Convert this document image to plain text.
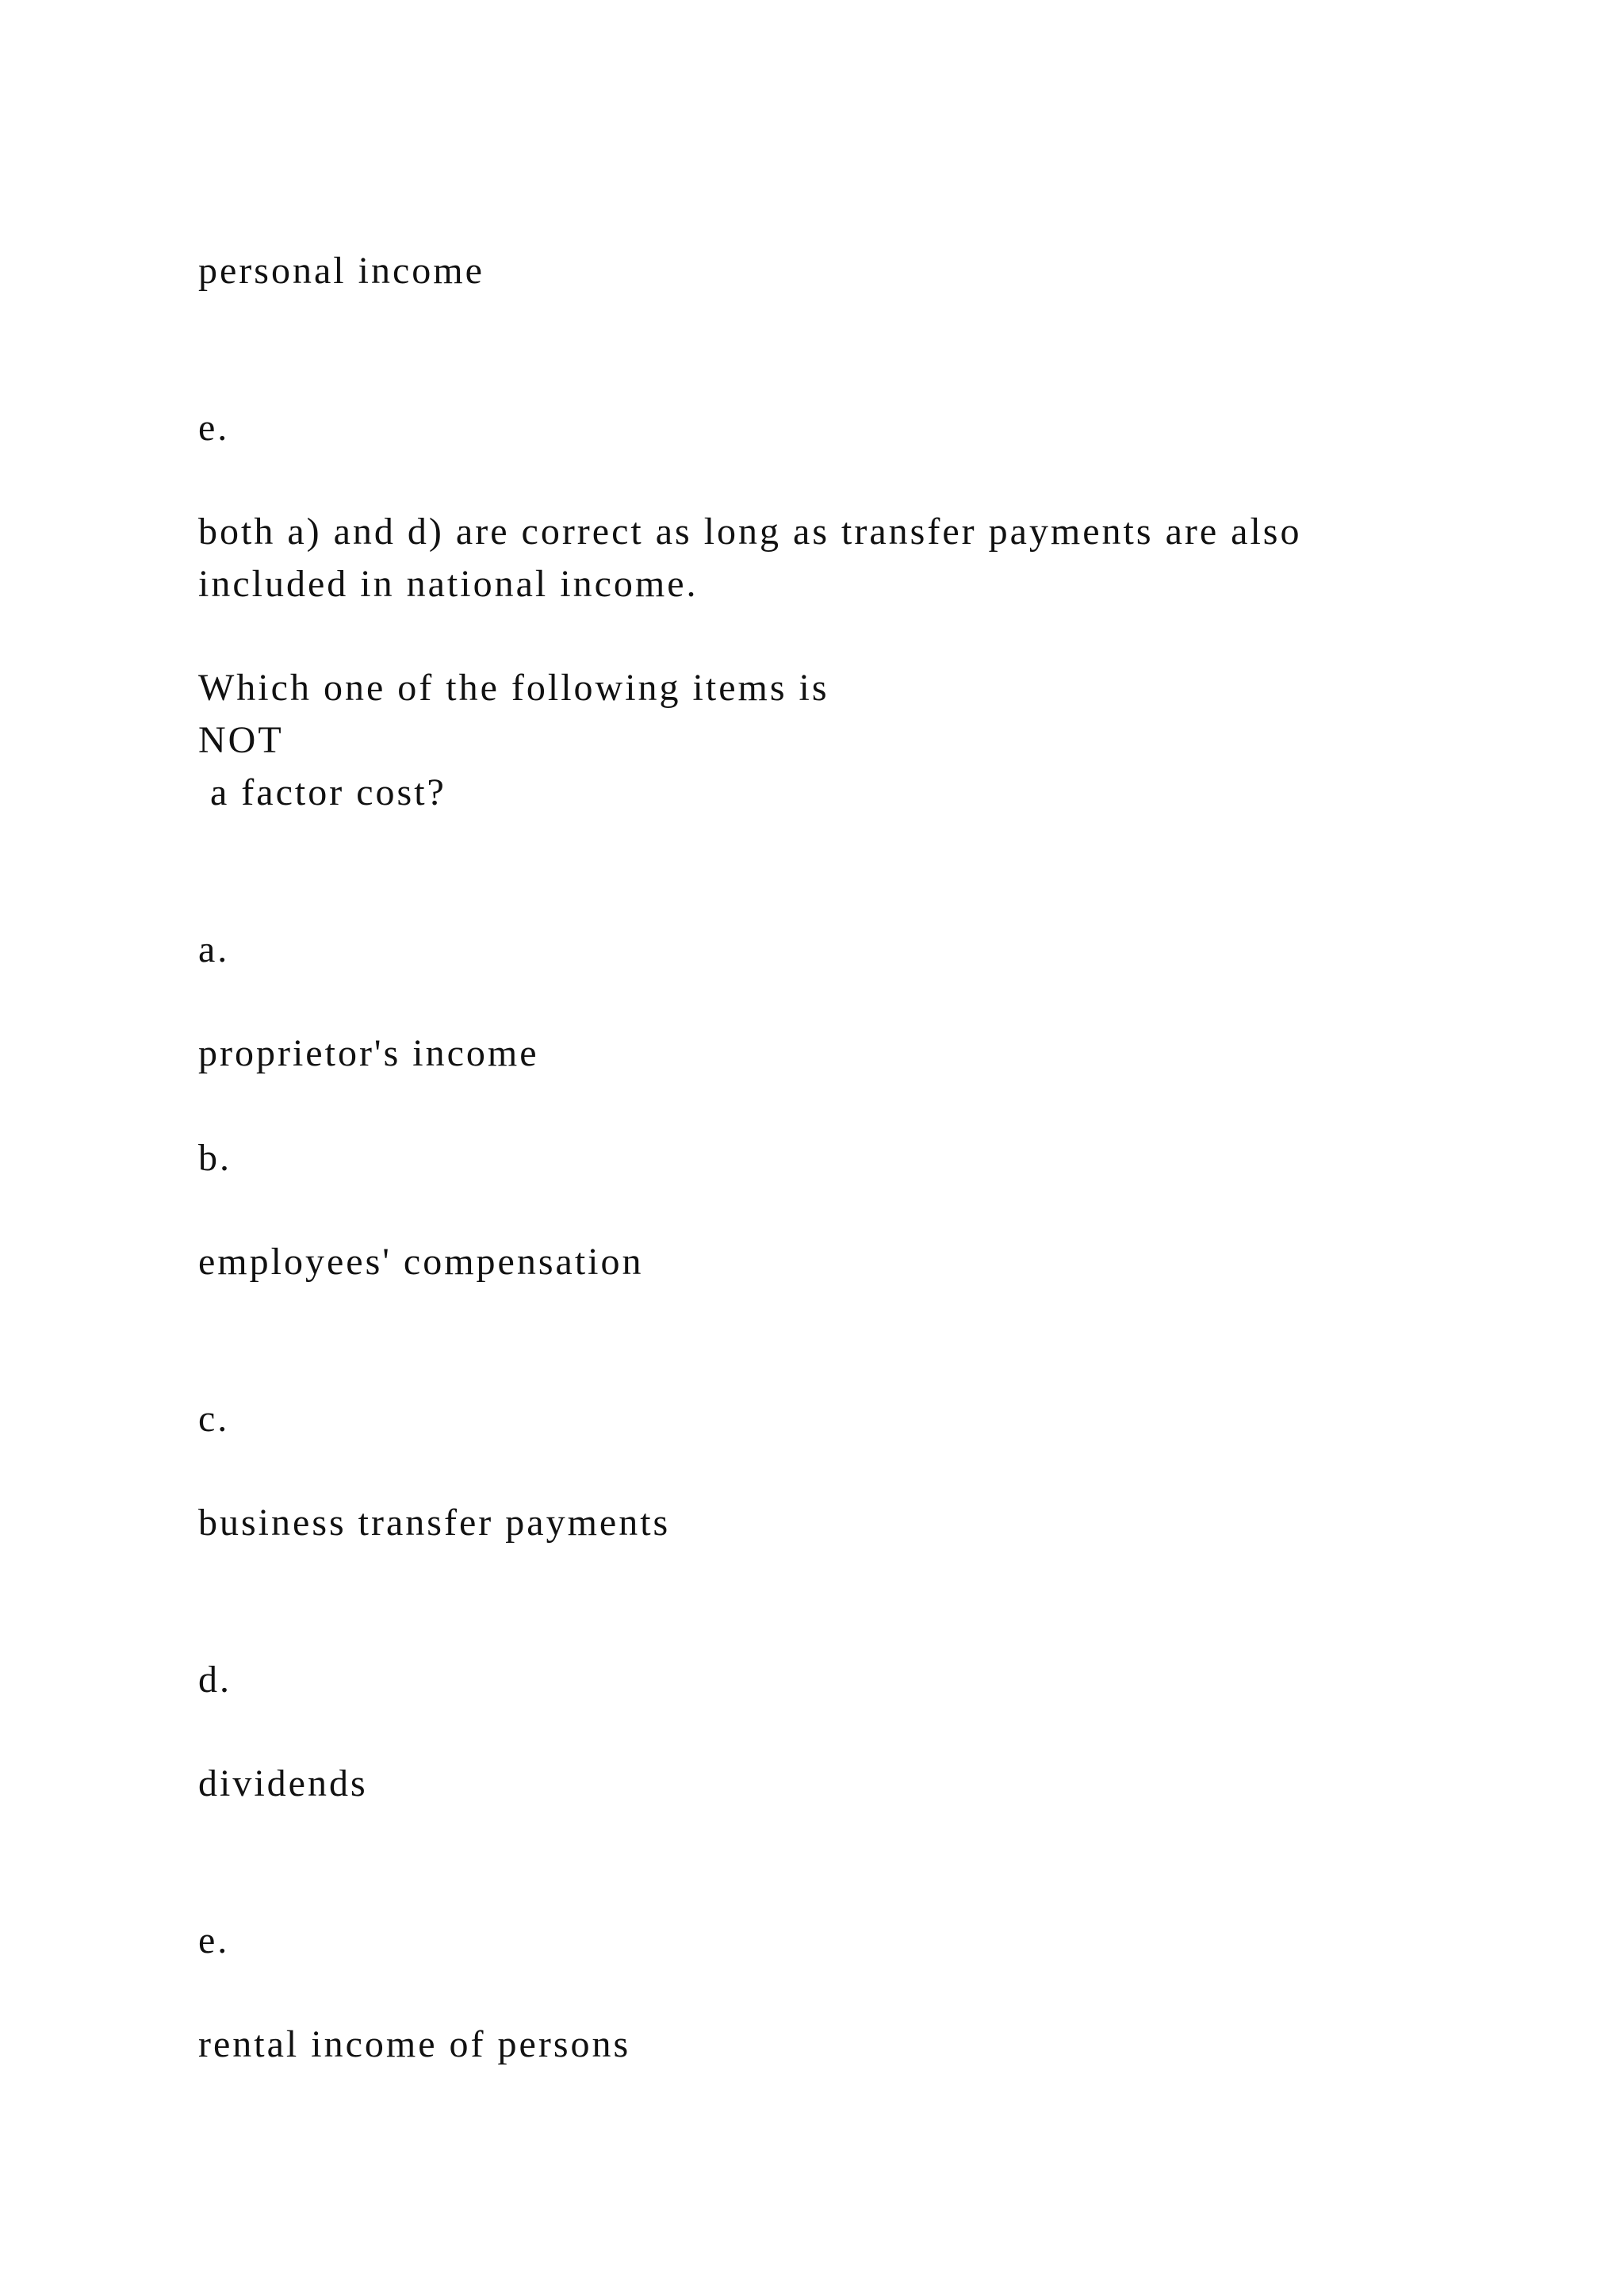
personal income
e.
both a) and d) are correct as long as transfer payments are also
included in national income.
Which one of the following items is
NOT
a factor cost?
a.
proprietor's income
b.
employees' compensation
c.
business transfer payments
d.
dividends
e.
rental income of persons
